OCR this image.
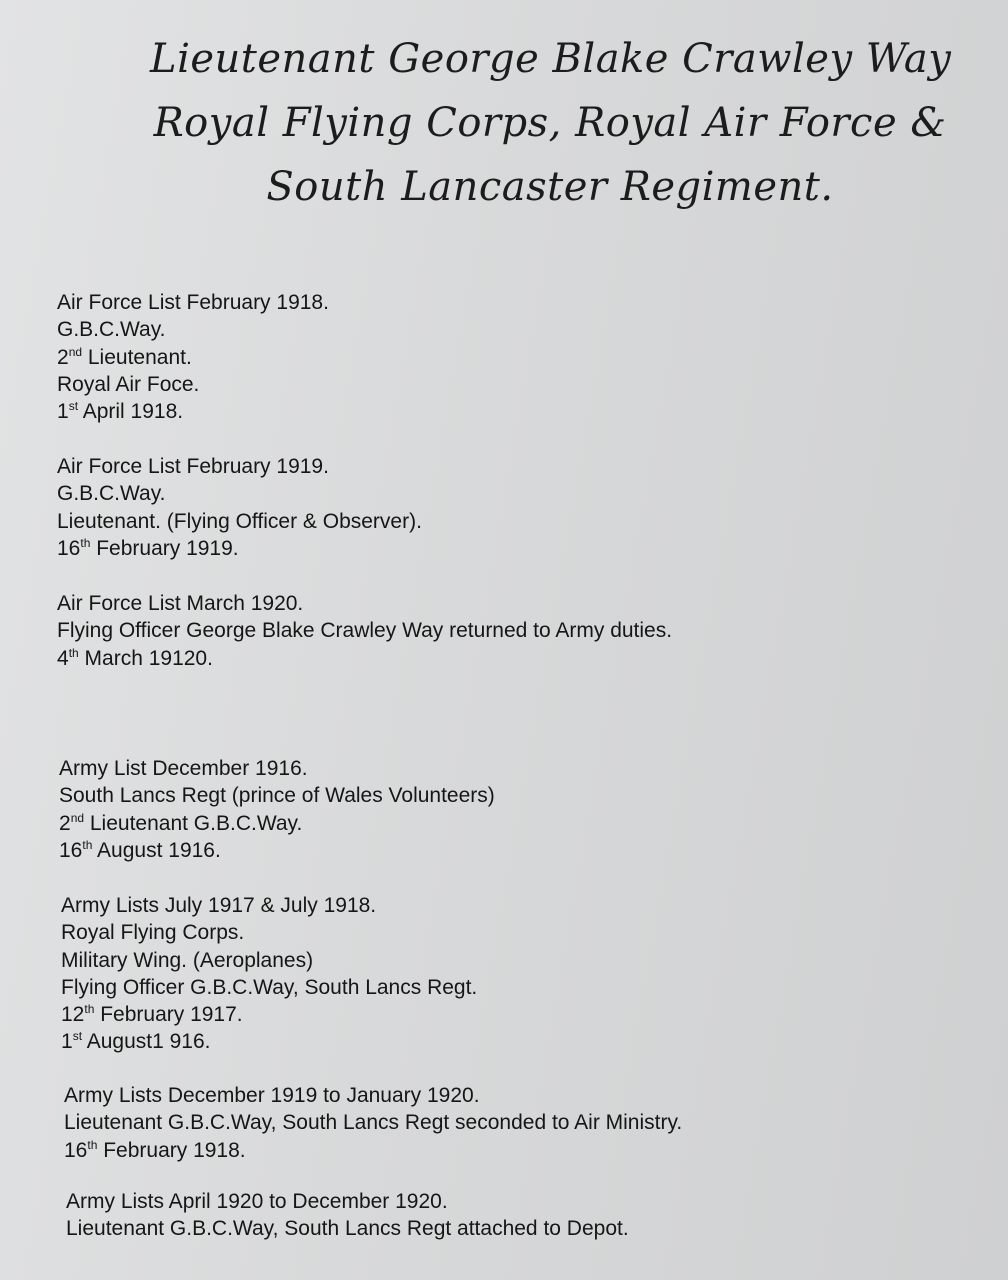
Lieutenant George Blake Crawley Way
Royal Flying Corps, Royal Air Force &
South Lancaster Regiment.
Air Force List February 1918.
G.B.C.Way.
2nd Lieutenant.
Royal Air Foce.
1st April 1918.
Air Force List February 1919.
G.B.C.Way.
Lieutenant. (Flying Officer & Observer).
16th February 1919.
Air Force List March 1920.
Flying Officer George Blake Crawley Way returned to Army duties.
4th March 19120.
Army List December 1916.
South Lancs Regt (prince of Wales Volunteers)
2nd Lieutenant G.B.C.Way.
16th August 1916.
Army Lists July 1917 & July 1918.
Royal Flying Corps.
Military Wing. (Aeroplanes)
Flying Officer G.B.C.Way, South Lancs Regt.
12th February 1917.
1st August1 916.
Army Lists December 1919 to January 1920.
Lieutenant G.B.C.Way, South Lancs Regt seconded to Air Ministry.
16th February 1918.
Army Lists April 1920 to December 1920.
Lieutenant G.B.C.Way, South Lancs Regt attached to Depot.
